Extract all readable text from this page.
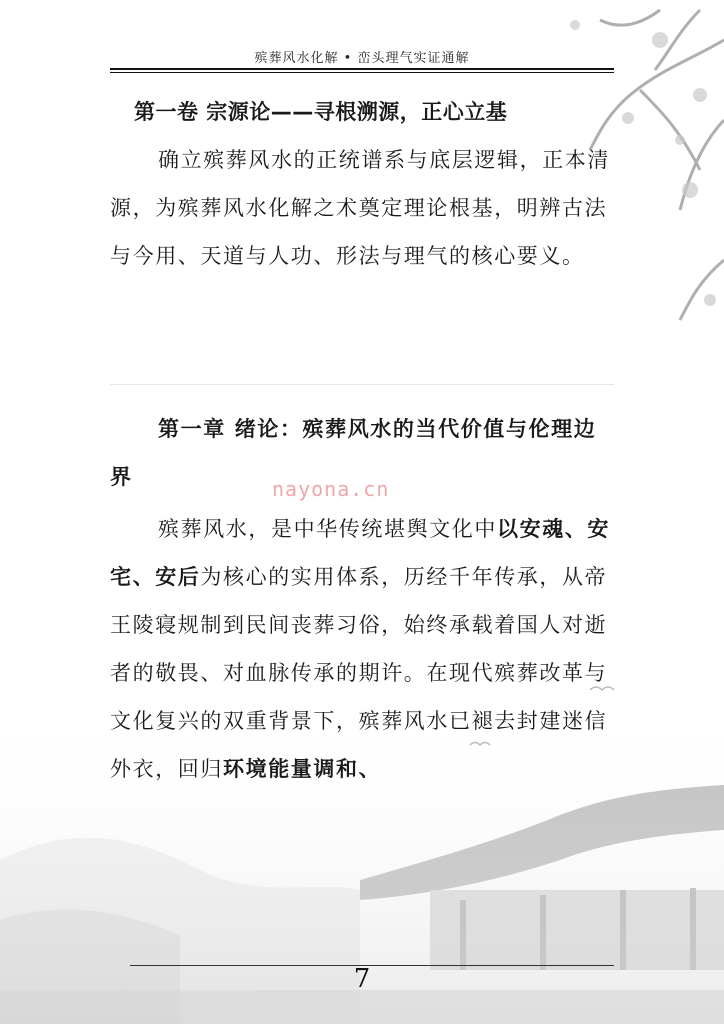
殡葬风水化解 • 峦头理气实证通解
第一卷 宗源论——寻根溯源，正心立基

确立殡葬风水的正统谱系与底层逻辑，正本清源，为殡葬风水化解之术奠定理论根基，明辨古法与今用、天道与人功、形法与理气的核心要义。

第一章 绪论：殡葬风水的当代价值与伦理边界

殡葬风水，是中华传统堪舆文化中以安魂、安宅、安后为核心的实用体系，历经千年传承，从帝王陵寝规制到民间丧葬习俗，始终承载着国人对逝者的敬畏、对血脉传承的期许。在现代殡葬改革与文化复兴的双重背景下，殡葬风水已褪去封建迷信外衣，回归环境能量调和、

nayona.cn
7
